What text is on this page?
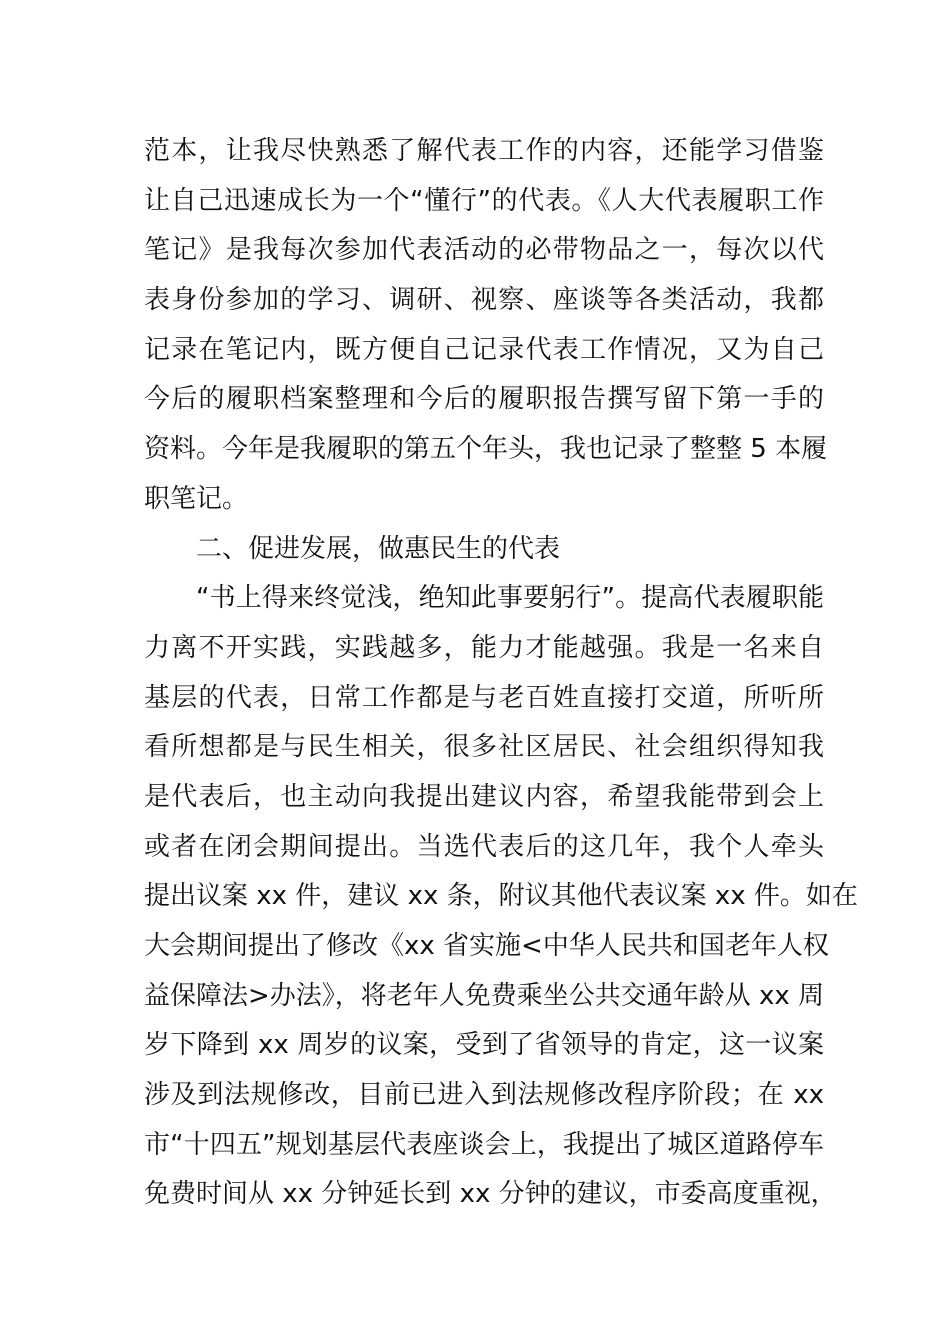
范本，让我尽快熟悉了解代表工作的内容，还能学习借鉴
让自己迅速成长为一个“懂行”的代表。《人大代表履职工作
笔记》是我每次参加代表活动的必带物品之一，每次以代
表身份参加的学习、调研、视察、座谈等各类活动，我都
记录在笔记内，既方便自己记录代表工作情况，又为自己
今后的履职档案整理和今后的履职报告撰写留下第一手的
资料。今年是我履职的第五个年头，我也记录了整整 5 本履
职笔记。
二、促进发展，做惠民生的代表
“书上得来终觉浅，绝知此事要躬行”。提高代表履职能
力离不开实践，实践越多，能力才能越强。我是一名来自
基层的代表，日常工作都是与老百姓直接打交道，所听所
看所想都是与民生相关，很多社区居民、社会组织得知我
是代表后，也主动向我提出建议内容，希望我能带到会上
或者在闭会期间提出。当选代表后的这几年，我个人牵头
提出议案 xx 件，建议 xx 条，附议其他代表议案 xx 件。如在
大会期间提出了修改《xx 省实施<中华人民共和国老年人权
益保障法>办法》，将老年人免费乘坐公共交通年龄从 xx 周
岁下降到 xx 周岁的议案，受到了省领导的肯定，这一议案
涉及到法规修改，目前已进入到法规修改程序阶段；在 xx
市“十四五”规划基层代表座谈会上，我提出了城区道路停车
免费时间从 xx 分钟延长到 xx 分钟的建议，市委高度重视，
